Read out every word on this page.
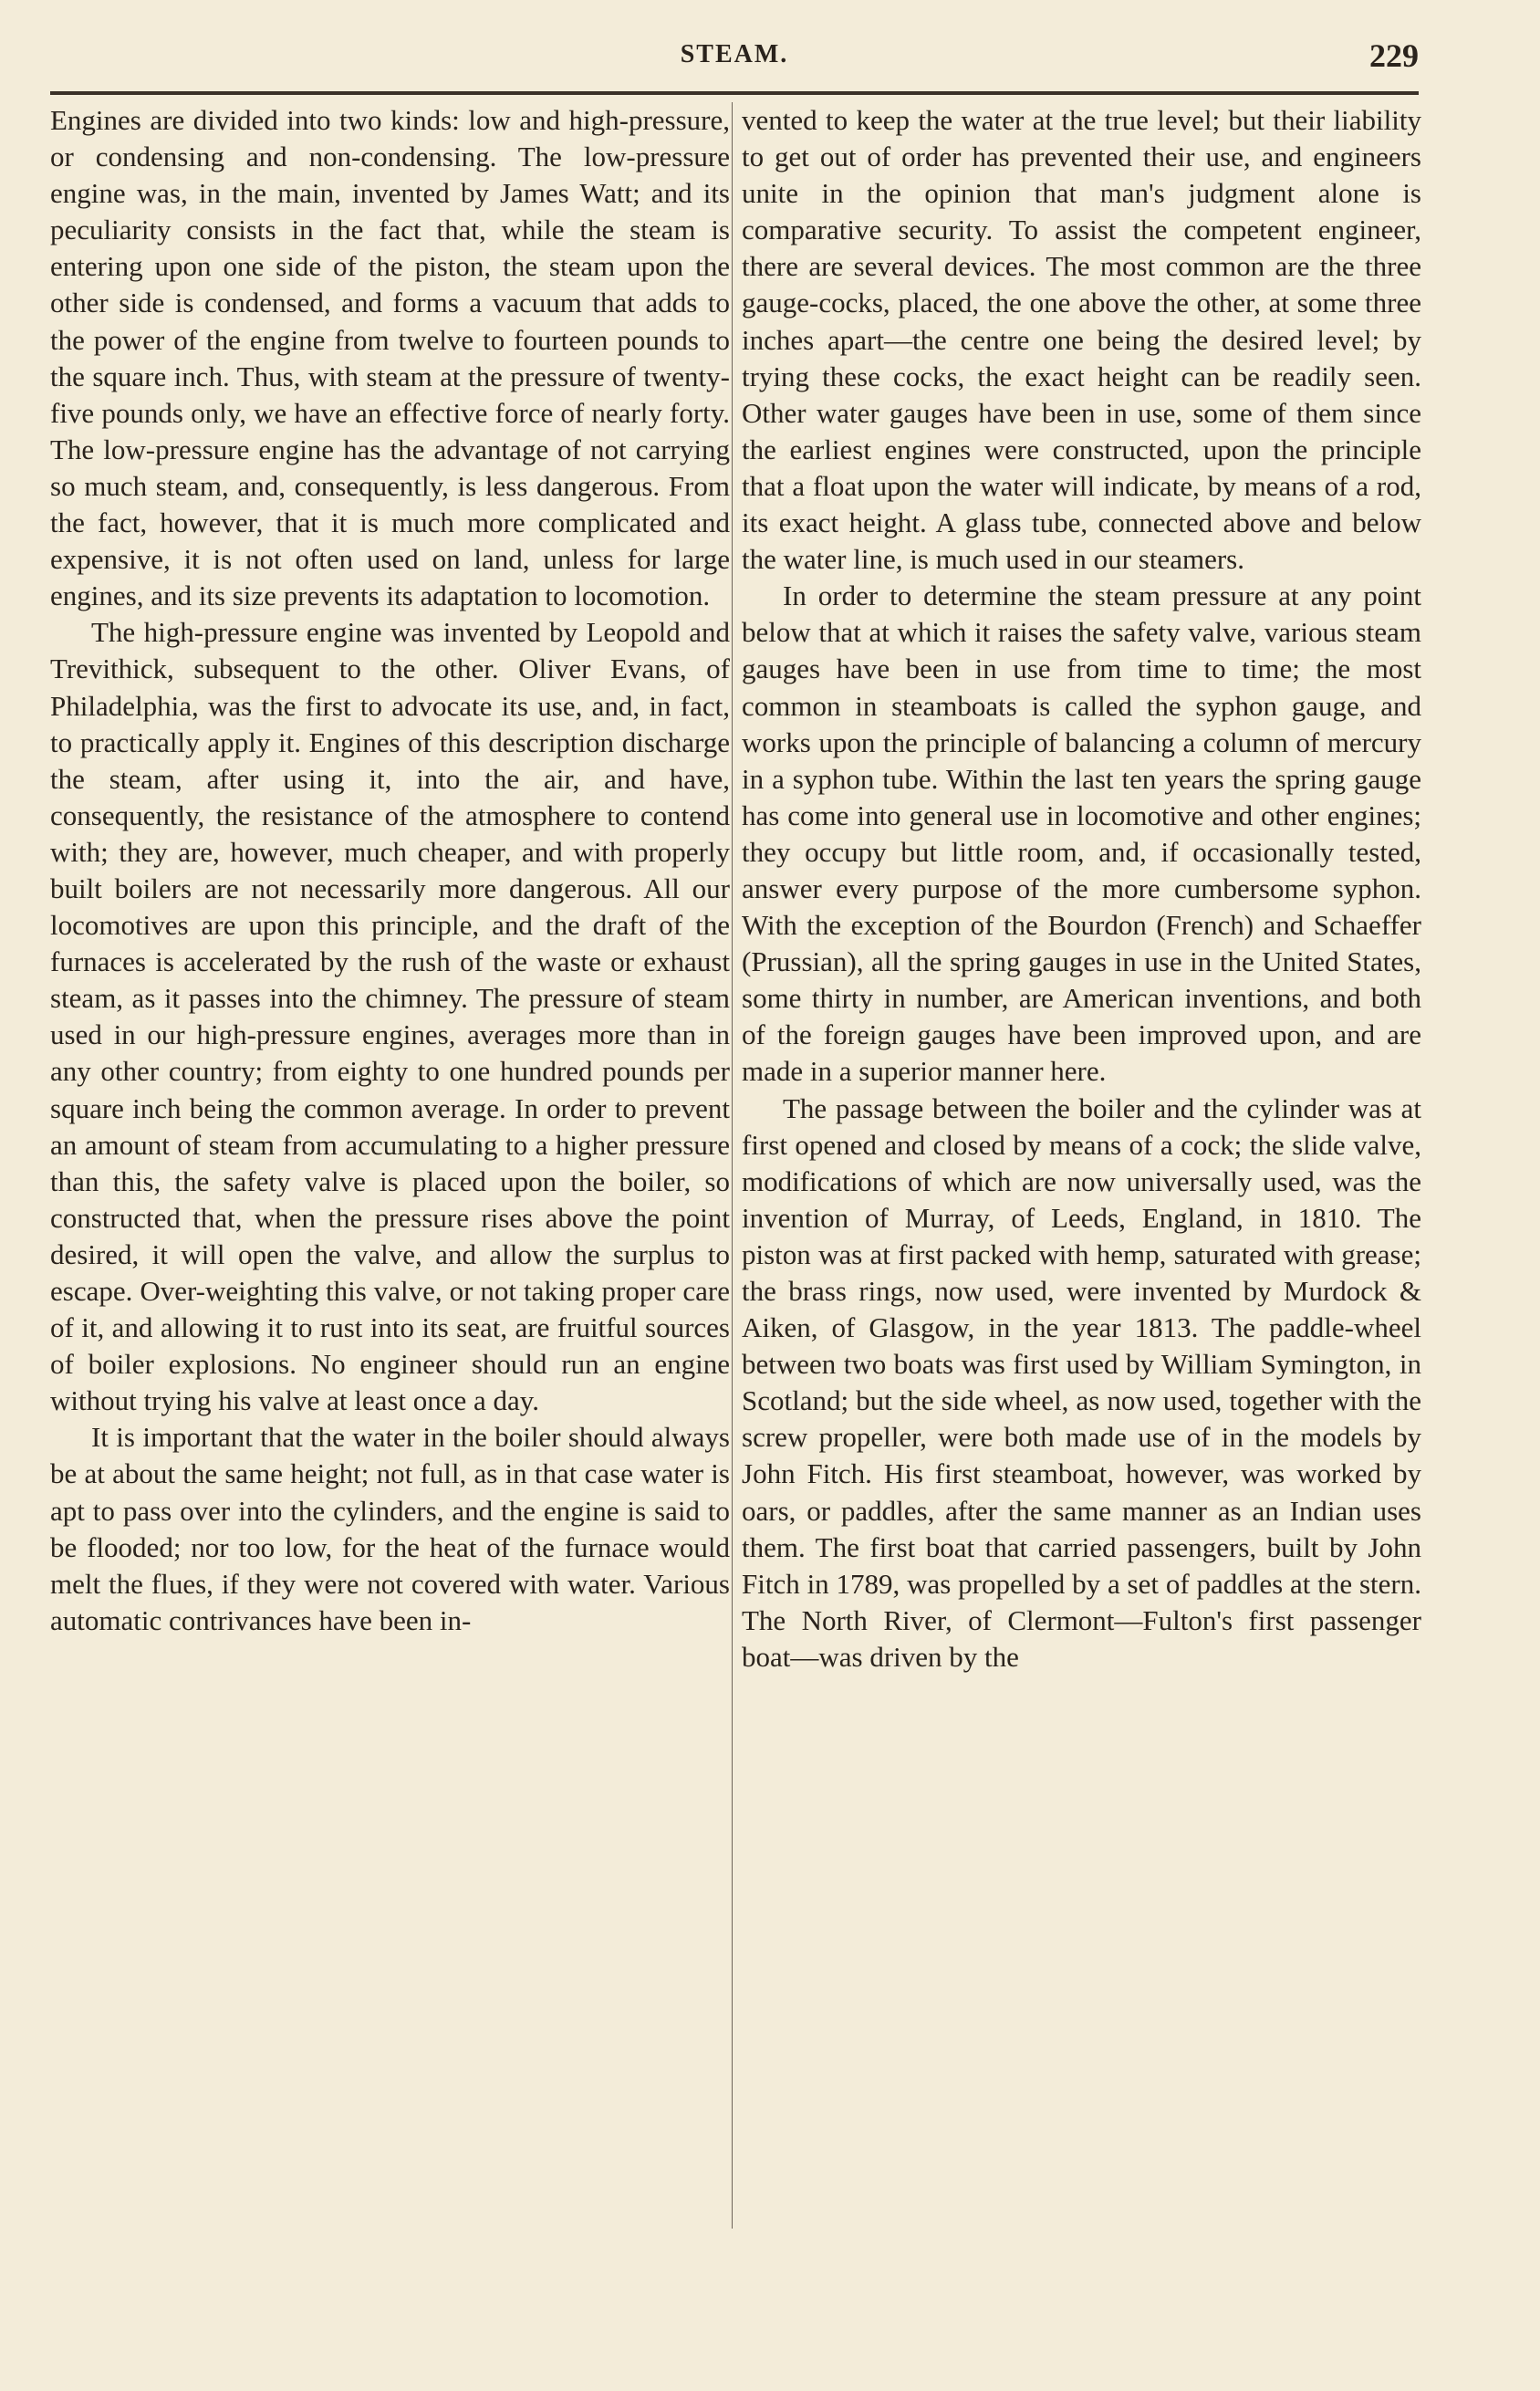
STEAM.	229

Engines are divided into two kinds: low and high-pressure, or condensing and non-condensing. The low-pressure engine was, in the main, invented by James Watt; and its peculiarity consists in the fact that, while the steam is entering upon one side of the piston, the steam upon the other side is condensed, and forms a vacuum that adds to the power of the engine from twelve to fourteen pounds to the square inch. Thus, with steam at the pressure of twenty-five pounds only, we have an effective force of nearly forty. The low-pressure engine has the advantage of not carrying so much steam, and, consequently, is less dangerous. From the fact, however, that it is much more complicated and expensive, it is not often used on land, unless for large engines, and its size prevents its adaptation to locomotion.

The high-pressure engine was invented by Leopold and Trevithick, subsequent to the other. Oliver Evans, of Philadelphia, was the first to advocate its use, and, in fact, to practically apply it. Engines of this description discharge the steam, after using it, into the air, and have, consequently, the resistance of the atmosphere to contend with; they are, however, much cheaper, and with properly built boilers are not necessarily more dangerous. All our locomotives are upon this principle, and the draft of the furnaces is accelerated by the rush of the waste or exhaust steam, as it passes into the chimney. The pressure of steam used in our high-pressure engines, averages more than in any other country; from eighty to one hundred pounds per square inch being the common average. In order to prevent an amount of steam from accumulating to a higher pressure than this, the safety valve is placed upon the boiler, so constructed that, when the pressure rises above the point desired, it will open the valve, and allow the surplus to escape. Over-weighting this valve, or not taking proper care of it, and allowing it to rust into its seat, are fruitful sources of boiler explosions. No engineer should run an engine without trying his valve at least once a day.

It is important that the water in the boiler should always be at about the same height; not full, as in that case water is apt to pass over into the cylinders, and the engine is said to be flooded; nor too low, for the heat of the furnace would melt the flues, if they were not covered with water. Various automatic contrivances have been in-

vented to keep the water at the true level; but their liability to get out of order has prevented their use, and engineers unite in the opinion that man's judgment alone is comparative security. To assist the competent engineer, there are several devices. The most common are the three gauge-cocks, placed, the one above the other, at some three inches apart—the centre one being the desired level; by trying these cocks, the exact height can be readily seen. Other water gauges have been in use, some of them since the earliest engines were constructed, upon the principle that a float upon the water will indicate, by means of a rod, its exact height. A glass tube, connected above and below the water line, is much used in our steamers.

In order to determine the steam pressure at any point below that at which it raises the safety valve, various steam gauges have been in use from time to time; the most common in steamboats is called the syphon gauge, and works upon the principle of balancing a column of mercury in a syphon tube. Within the last ten years the spring gauge has come into general use in locomotive and other engines; they occupy but little room, and, if occasionally tested, answer every purpose of the more cumbersome syphon. With the exception of the Bourdon (French) and Schaeffer (Prussian), all the spring gauges in use in the United States, some thirty in number, are American inventions, and both of the foreign gauges have been improved upon, and are made in a superior manner here.

The passage between the boiler and the cylinder was at first opened and closed by means of a cock; the slide valve, modifications of which are now universally used, was the invention of Murray, of Leeds, England, in 1810. The piston was at first packed with hemp, saturated with grease; the brass rings, now used, were invented by Murdock & Aiken, of Glasgow, in the year 1813. The paddle-wheel between two boats was first used by William Symington, in Scotland; but the side wheel, as now used, together with the screw propeller, were both made use of in the models by John Fitch. His first steamboat, however, was worked by oars, or paddles, after the same manner as an Indian uses them. The first boat that carried passengers, built by John Fitch in 1789, was propelled by a set of paddles at the stern. The North River, of Clermont—Fulton's first passenger boat—was driven by the
